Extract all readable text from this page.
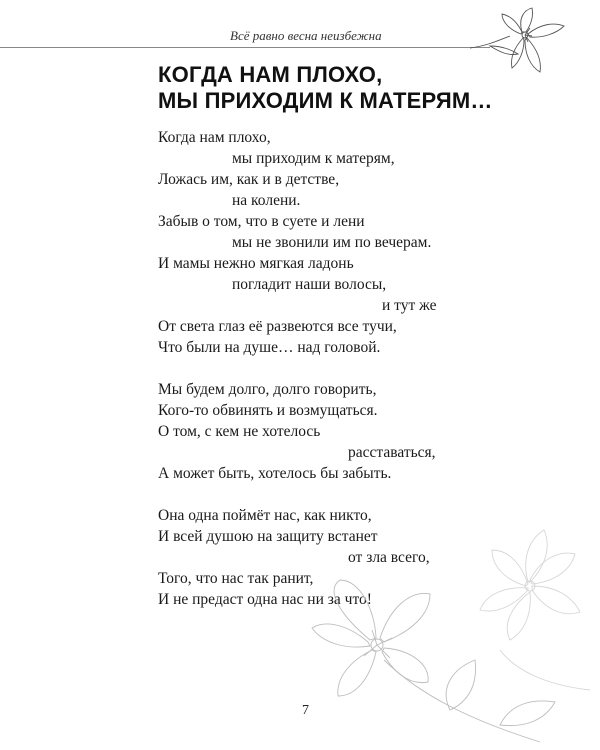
Всё равно весна неизбежна
КОГДА НАМ ПЛОХО,
МЫ ПРИХОДИМ К МАТЕРЯМ…
Когда нам плохо,
мы приходим к матерям,
Ложась им, как и в детстве,
на колени.
Забыв о том, что в суете и лени
мы не звонили им по вечерам.
И мамы нежно мягкая ладонь
погладит наши волосы,
и тут же
От света глаз её развеются все тучи,
Что были на душе… над головой.
Мы будем долго, долго говорить,
Кого-то обвинять и возмущаться.
О том, с кем не хотелось
расставаться,
А может быть, хотелось бы забыть.
Она одна поймёт нас, как никто,
И всей душою на защиту встанет
от зла всего,
Того, что нас так ранит,
И не предаст одна нас ни за что!
7
